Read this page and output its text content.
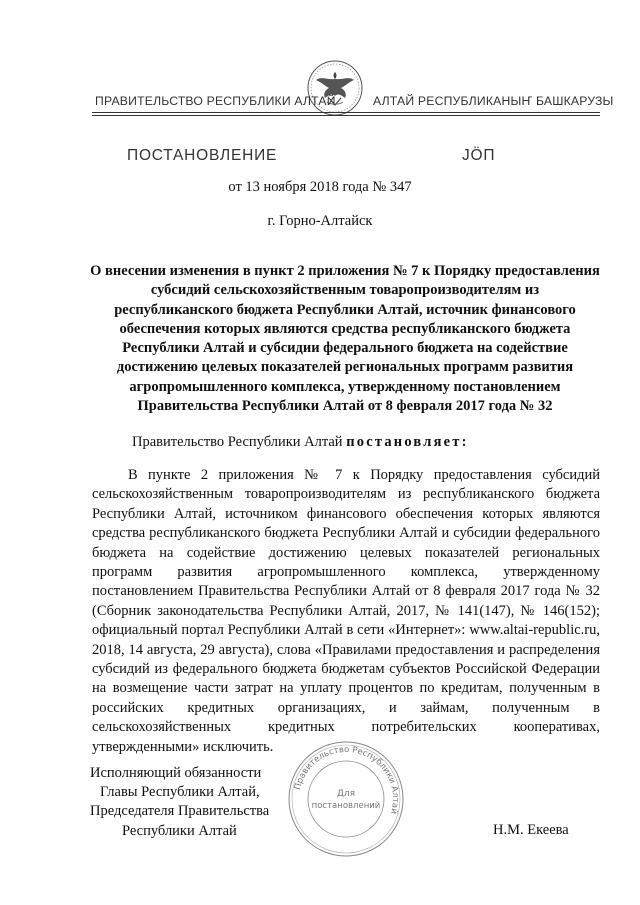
ПРАВИТЕЛЬСТВО РЕСПУБЛИКИ АЛТАЙ	АЛТАЙ РЕСПУБЛИКАНЫҤ БАШКАРУЗЫ
ПОСТАНОВЛЕНИЕ	ЈÖП
от 13 ноября 2018 года № 347
г. Горно-Алтайск

О внесении изменения в пункт 2 приложения № 7 к Порядку предоставления субсидий сельскохозяйственным товаропроизводителям из республиканского бюджета Республики Алтай, источник финансового обеспечения которых являются средства республиканского бюджета Республики Алтай и субсидии федерального бюджета на содействие достижению целевых показателей региональных программ развития агропромышленного комплекса, утвержденному постановлением Правительства Республики Алтай от 8 февраля 2017 года № 32

Правительство Республики Алтай постановляет:

В пункте 2 приложения № 7 к Порядку предоставления субсидий сельскохозяйственным товаропроизводителям из республиканского бюджета Республики Алтай, источником финансового обеспечения которых являются средства республиканского бюджета Республики Алтай и субсидии федерального бюджета на содействие достижению целевых показателей региональных программ развития агропромышленного комплекса, утвержденному постановлением Правительства Республики Алтай от 8 февраля 2017 года № 32 (Сборник законодательства Республики Алтай, 2017, № 141(147), № 146(152); официальный портал Республики Алтай в сети «Интернет»: www.altai-republic.ru, 2018, 14 августа, 29 августа), слова «Правилами предоставления и распределения субсидий из федерального бюджета бюджетам субъектов Российской Федерации на возмещение части затрат на уплату процентов по кредитам, полученным в российских кредитных организациях, и займам, полученным в сельскохозяйственных кредитных потребительских кооперативах, утвержденными» исключить.

Исполняющий обязанности
Главы Республики Алтай,
Председателя Правительства
Республики Алтай
Правительство Республики Алтай
Для
постановлений
Н.М. Екеева
